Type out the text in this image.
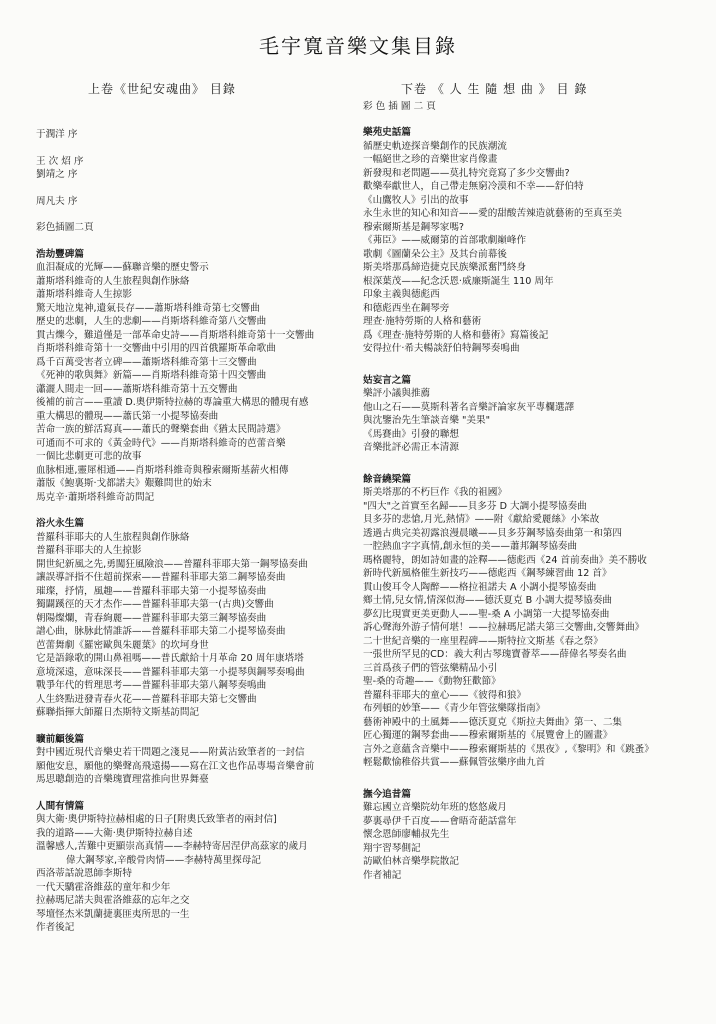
毛宇寬音樂文集目錄
上卷《世紀安魂曲》 目錄
于潤洋 序
王 次 炤 序
劉靖之 序
周凡夫 序
彩色插圖二頁
浩劫豐碑篇
血泪凝成的光輝——蘇聯音樂的歷史警示
蕭斯塔科維奇的人生旅程與創作脉絡
蕭斯塔科維奇人生掠影
驚天地泣鬼神,遺氣長存——蕭斯塔科維奇第七交響曲
歷史的悲劇，人生的悲劇——肖斯塔科維奇第八交響曲
貫古爍今，難道僅是一部革命史詩——肖斯塔科維奇第十一交響曲
肖斯塔科維奇第十一交響曲中引用的四首俄羅斯革命歌曲
爲千百萬受害者立碑——蕭斯塔科維奇第十三交響曲
《死神的歌與舞》新篇——肖斯塔科維奇第十四交響曲
瀟灑人間走一回——蕭斯塔科維奇第十五交響曲
後補的前言——重讀 D.奧伊斯特拉赫的專論重大構思的體現有感
重大構思的體現——蕭氏第一小提琴協奏曲
苦命一族的鮮活寫真——蕭氏的聲樂套曲《猶太民間詩選》
可通而不可求的《黃金時代》——肖斯塔科維奇的芭蕾音樂
一個比悲劇更可悲的故事
血脉相連,靈犀相通——肖斯塔科維奇與穆索爾斯基薪火相傳
蕭版《鮑裏斯·戈都諾夫》艱難問世的始末
馬克辛·蕭斯塔科維奇訪問記
浴火永生篇
普羅科菲耶夫的人生旅程與創作脉絡
普羅科菲耶夫的人生掠影
開世紀新風之先,勇闖狂風險浪——普羅科菲耶夫第一鋼琴協奏曲
讓誤導評指不住超前探索——普羅科菲耶夫第二鋼琴協奏曲
璀璨，抒情，風趣——普羅科菲耶夫第一小提琴協奏曲
獨闢蹊徑的天才杰作——普羅科菲耶夫第一(古典)交響曲
朝陽燦爛，青春絢麗——普羅科菲耶夫第三鋼琴協奏曲
譜心曲，脉脉此情誰訴——普羅科菲耶夫第二小提琴協奏曲
芭蕾舞劇《羅密歐與朱麗葉》的坎坷身世
它是語錄歌的開山鼻祖嗎——普氏獻給十月革命 20 周年康塔塔
意境深遠，意味深長——普羅科菲耶夫第一小提琴與鋼琴奏鳴曲
戰爭年代的哲理思考——普羅科菲耶夫第八鋼琴奏鳴曲
人生終點迸發青春火花——普羅科菲耶夫第七交響曲
蘇聯指揮大師羅日杰斯特文斯基訪問記
曠前顧後篇
對中國近現代音樂史若干問題之淺見——附黃沾致筆者的一封信
願他安息，願他的樂聲高飛遠揚——寫在江文也作品專場音樂會前
馬思聰創造的音樂瑰寶理當推向世界舞臺
人間有情篇
與大衛·奧伊斯特拉赫相處的日子[附奧氏致筆者的兩封信]
我的道路——大衛·奧伊斯特拉赫自述
溫馨感人,苦難中更顯崇高真情——李赫特寄居涅伊高茲家的歲月
偉大鋼琴家,辛酸骨肉情——李赫特萬里探母記
西洛蒂話說恩師李斯特
一代天驕霍洛維茲的童年和少年
拉赫瑪尼諾夫與霍洛維茲的忘年之交
琴壇怪杰米凱蘭捷裏匪夷所思的一生
作者後記
下卷 《 人 生 隨 想 曲 》 目 錄
彩 色 插 圖 二 頁
樂苑史話篇
循歷史軌迹探音樂創作的民族潮流
一幅絕世之珍的音樂世家肖像畫
新發現和老問題——莫扎特究竟寫了多少交響曲?
歡樂奉獻世人，自己帶走無窮冷漠和不幸——舒伯特
《山鷹牧人》引出的故事
永生永世的知心和知音——愛的甜酸苦辣造就藝術的至真至美
穆索爾斯基是鋼琴家嗎?
《茀臣》——威爾第的首部歌劇巔峰作
歌劇《圖蘭朵公主》及其台前幕後
斯美塔那爲締造捷克民族樂派奮鬥終身
根深葉茂——紀念沃恩·威廉斯誕生 110 周年
印象主義與德彪西
和德彪西坐在鋼琴旁
理查·施特勞斯的人格和藝術
爲《理查·施特勞斯的人格和藝術》寫篇後記
安得拉什·希夫暢談舒伯特鋼琴奏鳴曲
姑妄言之篇
樂評小議與推薦
他山之石——莫斯科著名音樂評論家灰平專欄選譯
與沈鑒治先生筆談音樂 "美果"
《馬賽曲》引發的聯想
音樂批評必需正本清源
餘音繞梁篇
斯美塔那的不朽巨作《我的祖國》
"四大"之首實至名歸——貝多芬 D 大調小提琴協奏曲
貝多芬的悲愴,月光,熱情》——附《獻給愛麗絲》小笨故
透過古典完美初露浪漫晨曦——貝多芬鋼琴協奏曲第一和第四
一腔熱血字字真情,創永恒的美——蕭邦鋼琴協奏曲
瑪格麗特，朗如詩如畫的詮釋——德彪西《24 首前奏曲》美不勝收
新時代新風格催生新技巧——德彪西《鋼琴練習曲 12 首》
貫山俊耳令人陶醉——格拉祖諾夫 A 小調小提琴協奏曲
鄉土情,兒女情,情深似海——德沃夏克 B 小調大提琴協奏曲
夢幻比現實更美更動人——聖-桑 A 小調第一大提琴協奏曲
訴心聲海外游子情何堪！——拉赫瑪尼諾夫第三交響曲,交響舞曲》
二十世紀音樂的一座里程碑——斯特拉文斯基《春之祭》
一張世所罕見的CD：義大利古琴瑰寶薈萃——薛偉名琴奏名曲
三首爲孩子們的管弦樂精品小引
聖-桑的奇趣——《動物狂歡節》
普羅科菲耶夫的童心——《彼得和狼》
布列頓的妙筆——《青少年管弦樂隊指南》
藝術神殿中的土風舞——德沃夏克《斯拉夫舞曲》第一、二集
匠心獨運的鋼琴套曲——穆索爾斯基的《展覽會上的圖畫》
言外之意蘊含音樂中——穆索爾斯基的《黑夜》,《黎明》和《跳蚤》
輕鬆歡愉稚俗共賞——蘇佩管弦樂序曲九首
撫今追昔篇
難忘國立音樂院幼年班的悠悠歲月
夢裏尋伊千百度——會晤奇葩話當年
懷念恩師廖輔叔先生
翔宇習琴側記
訪歐伯林音樂學院散記
作者補記
